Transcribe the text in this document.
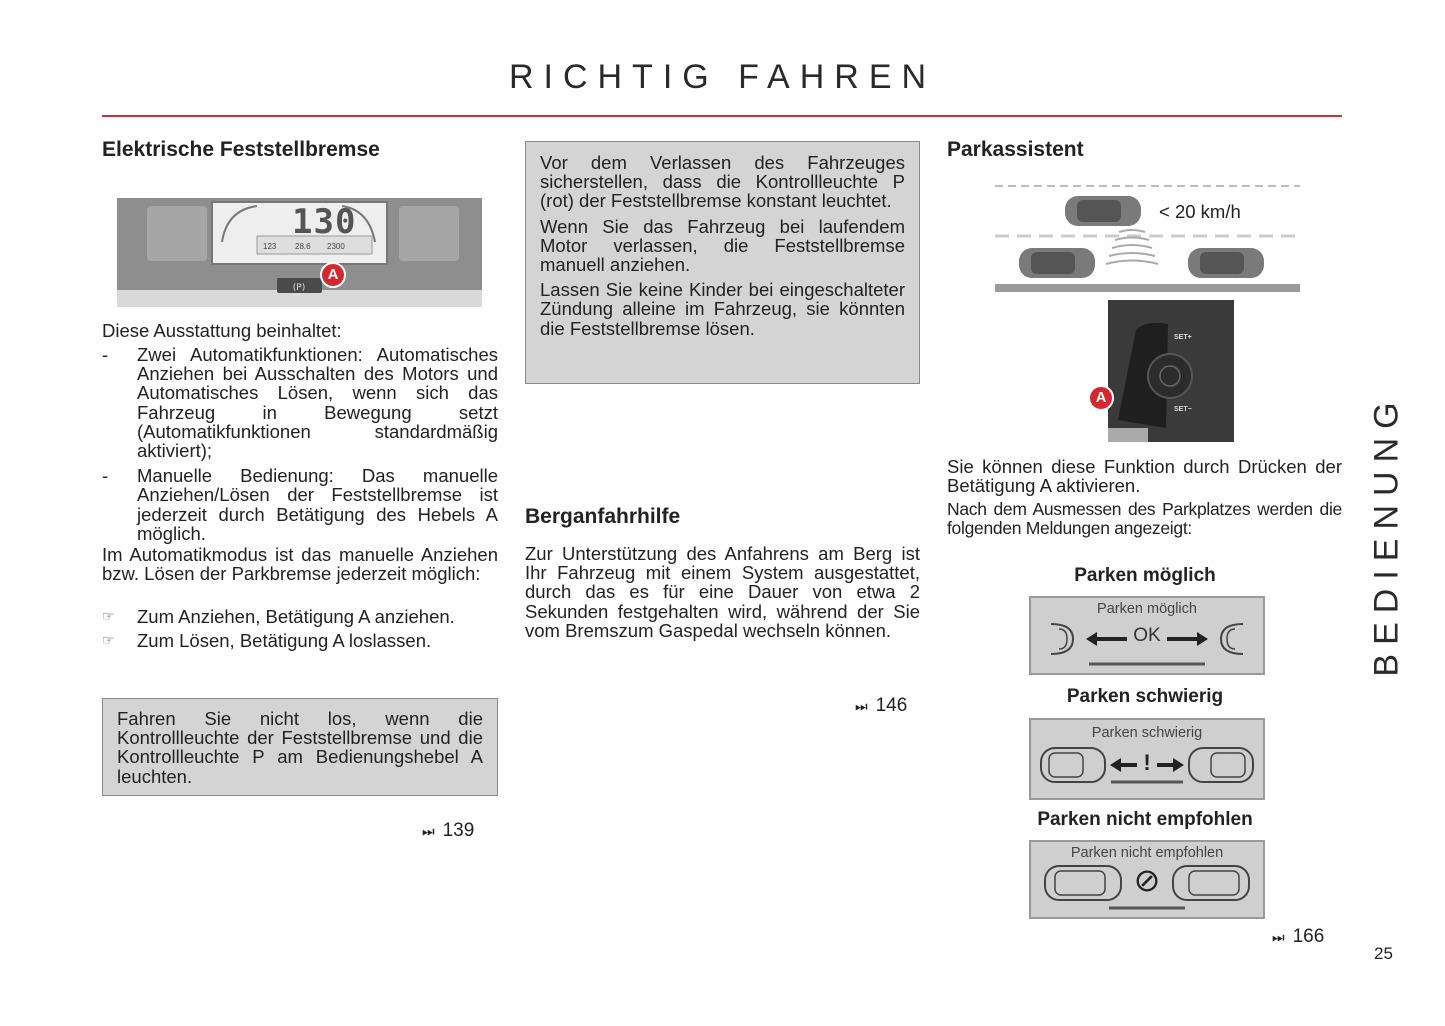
RICHTIG FAHREN
Elektrische Feststellbremse
(P)
130
123 28.6 2300
A
Diese Ausstattung beinhaltet:
-	Zwei Automatikfunktionen: Automatisches Anziehen bei Ausschalten des Motors und Automatisches Lösen, wenn sich das Fahrzeug in Bewegung setzt (Automatikfunktionen standardmäßig aktiviert);
-	Manuelle Bedienung: Das manuelle Anziehen/Lösen der Feststellbremse ist jederzeit durch Betätigung des Hebels A möglich.
Im Automatikmodus ist das manuelle Anziehen bzw. Lösen der Parkbremse jederzeit möglich:
☞	Zum Anziehen, Betätigung A anziehen.
☞	Zum Lösen, Betätigung A loslassen.
Fahren Sie nicht los, wenn die Kontrollleuchte der Feststellbremse und die Kontrollleuchte P am Bedienungshebel A leuchten.
⏭ 139
Vor dem Verlassen des Fahrzeuges sicherstellen, dass die Kontrollleuchte P (rot) der Feststellbremse konstant leuchtet.
Wenn Sie das Fahrzeug bei laufendem Motor verlassen, die Feststellbremse manuell anziehen.
Lassen Sie keine Kinder bei eingeschalteter Zündung alleine im Fahrzeug, sie könnten die Feststellbremse lösen.
Berganfahrhilfe
Zur Unterstützung des Anfahrens am Berg ist Ihr Fahrzeug mit einem System ausgestattet, durch das es für eine Dauer von etwa 2 Sekunden festgehalten wird, während der Sie vom Bremszum Gaspedal wechseln können.
⏭ 146
Parkassistent
< 20 km/h
SET+
SET−
A
Sie können diese Funktion durch Drücken der Betätigung A aktivieren.
Nach dem Ausmessen des Parkplatzes werden die folgenden Meldungen angezeigt:
Parken möglich
Parken möglich
OK
Parken schwierig
Parken schwierig
!
Parken nicht empfohlen
Parken nicht empfohlen
⊘
⏭ 166
BEDIENUNG
25
